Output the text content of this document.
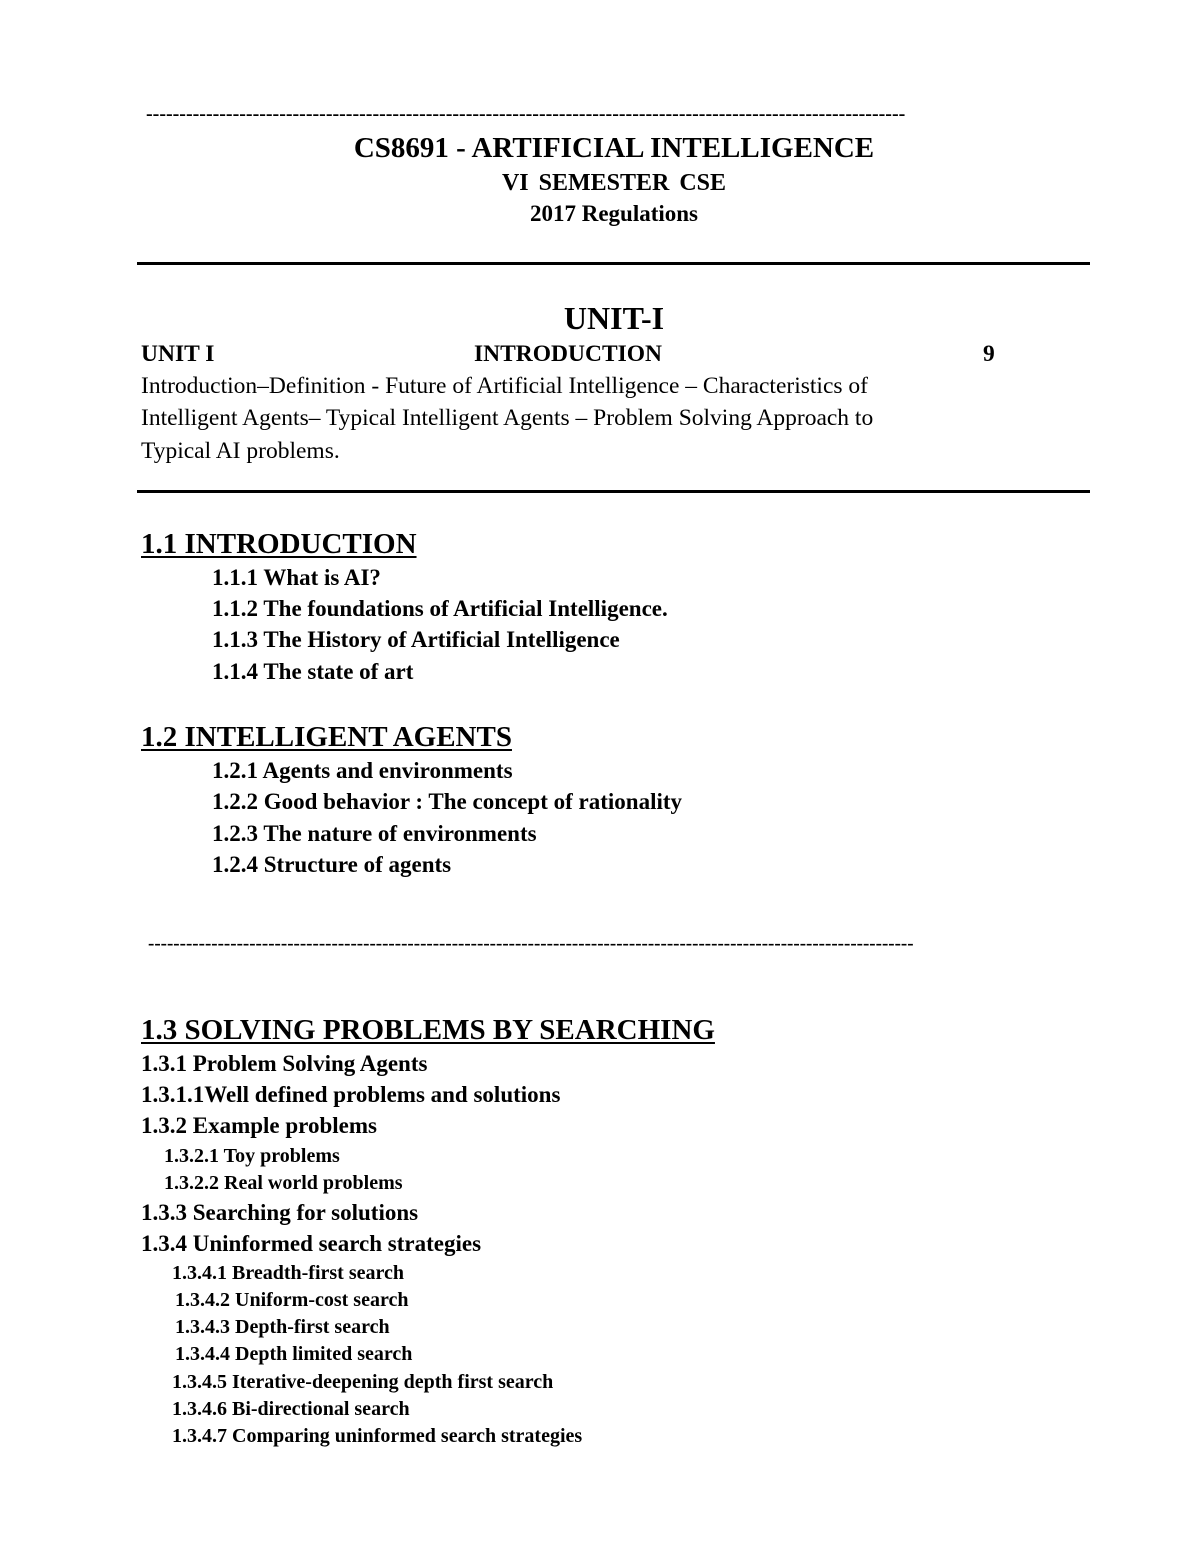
------------------------------------------------------------------------------------------------------------------
CS8691 - ARTIFICIAL INTELLIGENCE
VI SEMESTER CSE
2017 Regulations
UNIT-I
UNIT I	INTRODUCTION	9
Introduction–Definition - Future of Artificial Intelligence – Characteristics of
Intelligent Agents– Typical Intelligent Agents – Problem Solving Approach to
Typical AI problems.
1.1 INTRODUCTION
1.1.1 What is AI?
1.1.2 The foundations of Artificial Intelligence.
1.1.3 The History of Artificial Intelligence
1.1.4 The state of art
1.2 INTELLIGENT AGENTS
1.2.1 Agents and environments
1.2.2 Good behavior : The concept of rationality
1.2.3 The nature of environments
1.2.4 Structure of agents
-------------------------------------------------------------------------------------------------------------------------
1.3 SOLVING PROBLEMS BY SEARCHING
1.3.1 Problem Solving Agents
1.3.1.1Well defined problems and solutions
1.3.2 Example problems
1.3.2.1 Toy problems
1.3.2.2 Real world problems
1.3.3 Searching for solutions
1.3.4 Uninformed search strategies
1.3.4.1 Breadth-first search
1.3.4.2 Uniform-cost search
1.3.4.3 Depth-first search
1.3.4.4 Depth limited search
1.3.4.5 Iterative-deepening depth first search
1.3.4.6 Bi-directional search
1.3.4.7 Comparing uninformed search strategies
